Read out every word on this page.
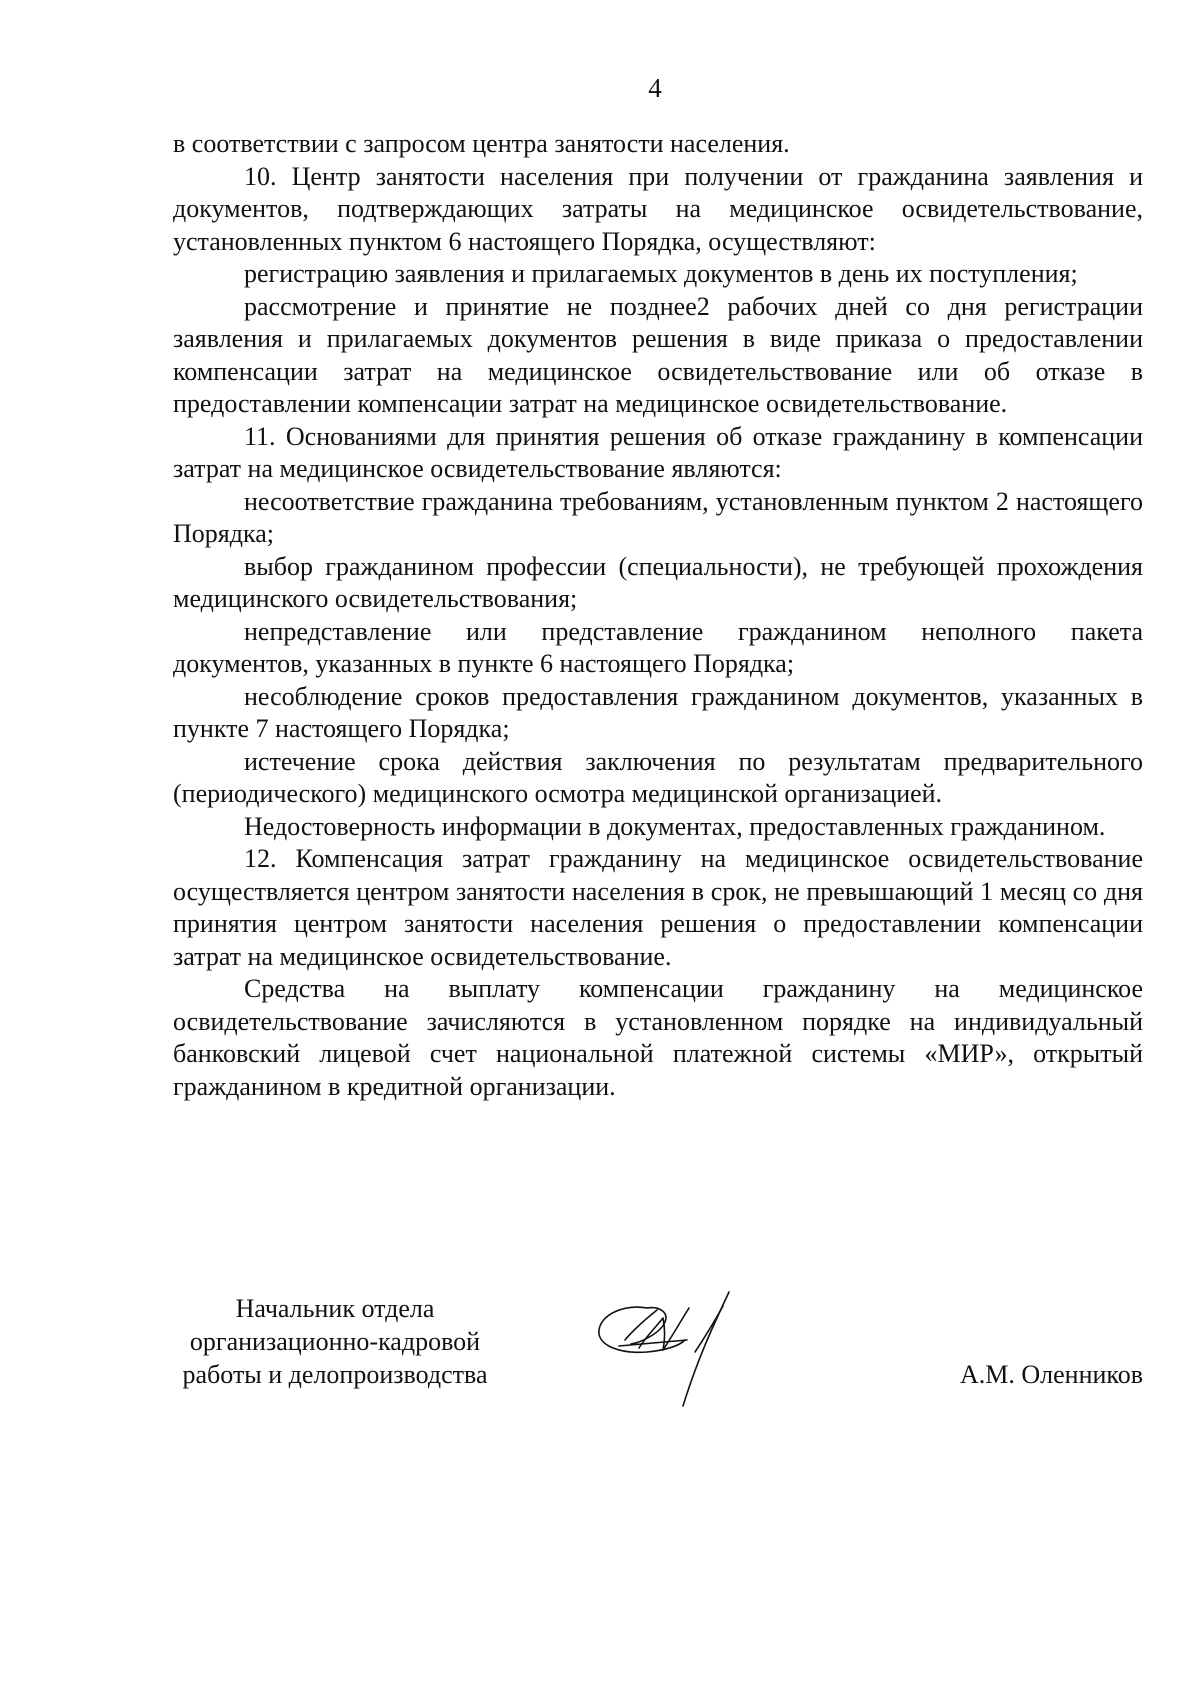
4

в соответствии с запросом центра занятости населения.

10. Центр занятости населения при получении от гражданина заявления и документов, подтверждающих затраты на медицинское освидетельствование, установленных пунктом 6 настоящего Порядка, осуществляют:

регистрацию заявления и прилагаемых документов в день их поступления;

рассмотрение и принятие не позднее2 рабочих дней со дня регистрации заявления и прилагаемых документов решения в виде приказа о предоставлении компенсации затрат на медицинское освидетельствование или об отказе в предоставлении компенсации затрат на медицинское освидетельствование.

11. Основаниями для принятия решения об отказе гражданину в компенсации затрат на медицинское освидетельствование являются:

несоответствие гражданина требованиям, установленным пунктом 2 настоящего Порядка;

выбор гражданином профессии (специальности), не требующей прохождения медицинского освидетельствования;

непредставление или представление гражданином неполного пакета документов, указанных в пункте 6 настоящего Порядка;

несоблюдение сроков предоставления гражданином документов, указанных в пункте 7 настоящего Порядка;

истечение срока действия заключения по результатам предварительного (периодического) медицинского осмотра медицинской организацией.

Недостоверность информации в документах, предоставленных гражданином.

12. Компенсация затрат гражданину на медицинское освидетельствование осуществляется центром занятости населения в срок, не превышающий 1 месяц со дня принятия центром занятости населения решения о предоставлении компенсации затрат на медицинское освидетельствование.

Средства на выплату компенсации гражданину на медицинское освидетельствование зачисляются в установленном порядке на индивидуальный банковский лицевой счет национальной платежной системы «МИР», открытый гражданином в кредитной организации.

Начальник отдела
организационно-кадровой
работы и делопроизводства	А.М. Оленников
